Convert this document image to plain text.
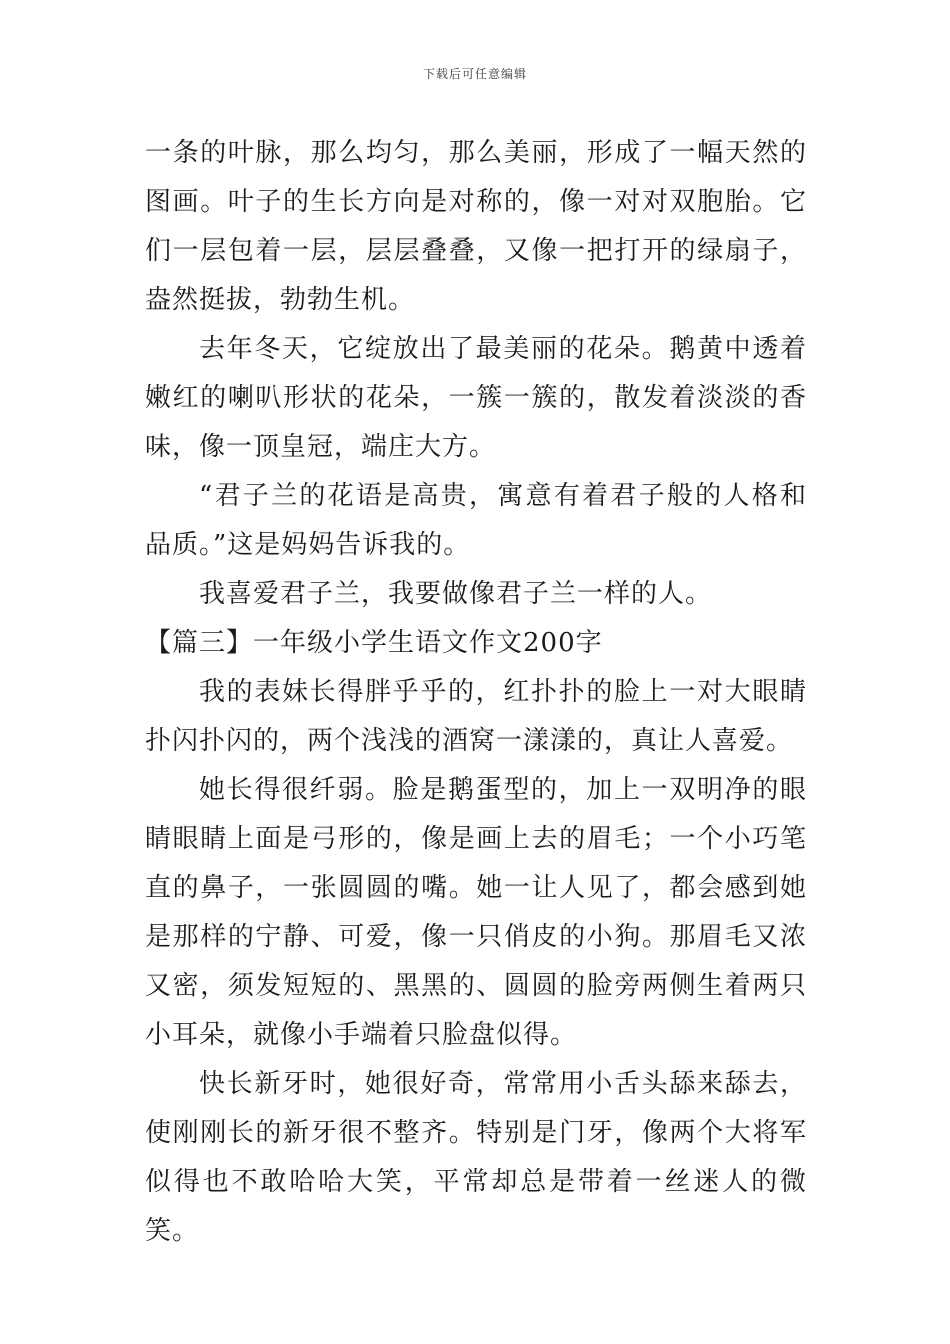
下载后可任意编辑

一条的叶脉，那么均匀，那么美丽，形成了一幅天然的图画。叶子的生长方向是对称的，像一对对双胞胎。它们一层包着一层，层层叠叠，又像一把打开的绿扇子，盎然挺拔，勃勃生机。

去年冬天，它绽放出了最美丽的花朵。鹅黄中透着嫩红的喇叭形状的花朵，一簇一簇的，散发着淡淡的香味，像一顶皇冠，端庄大方。

“君子兰的花语是高贵，寓意有着君子般的人格和品质。”这是妈妈告诉我的。

我喜爱君子兰，我要做像君子兰一样的人。

【篇三】一年级小学生语文作文200字

我的表妹长得胖乎乎的，红扑扑的脸上一对大眼睛扑闪扑闪的，两个浅浅的酒窝一漾漾的，真让人喜爱。

她长得很纤弱。脸是鹅蛋型的，加上一双明净的眼睛眼睛上面是弓形的，像是画上去的眉毛；一个小巧笔直的鼻子，一张圆圆的嘴。她一让人见了，都会感到她是那样的宁静、可爱，像一只俏皮的小狗。那眉毛又浓又密，须发短短的、黑黑的、圆圆的脸旁两侧生着两只小耳朵，就像小手端着只脸盘似得。

快长新牙时，她很好奇，常常用小舌头舔来舔去，使刚刚长的新牙很不整齐。特别是门牙，像两个大将军似得也不敢哈哈大笑，平常却总是带着一丝迷人的微笑。
